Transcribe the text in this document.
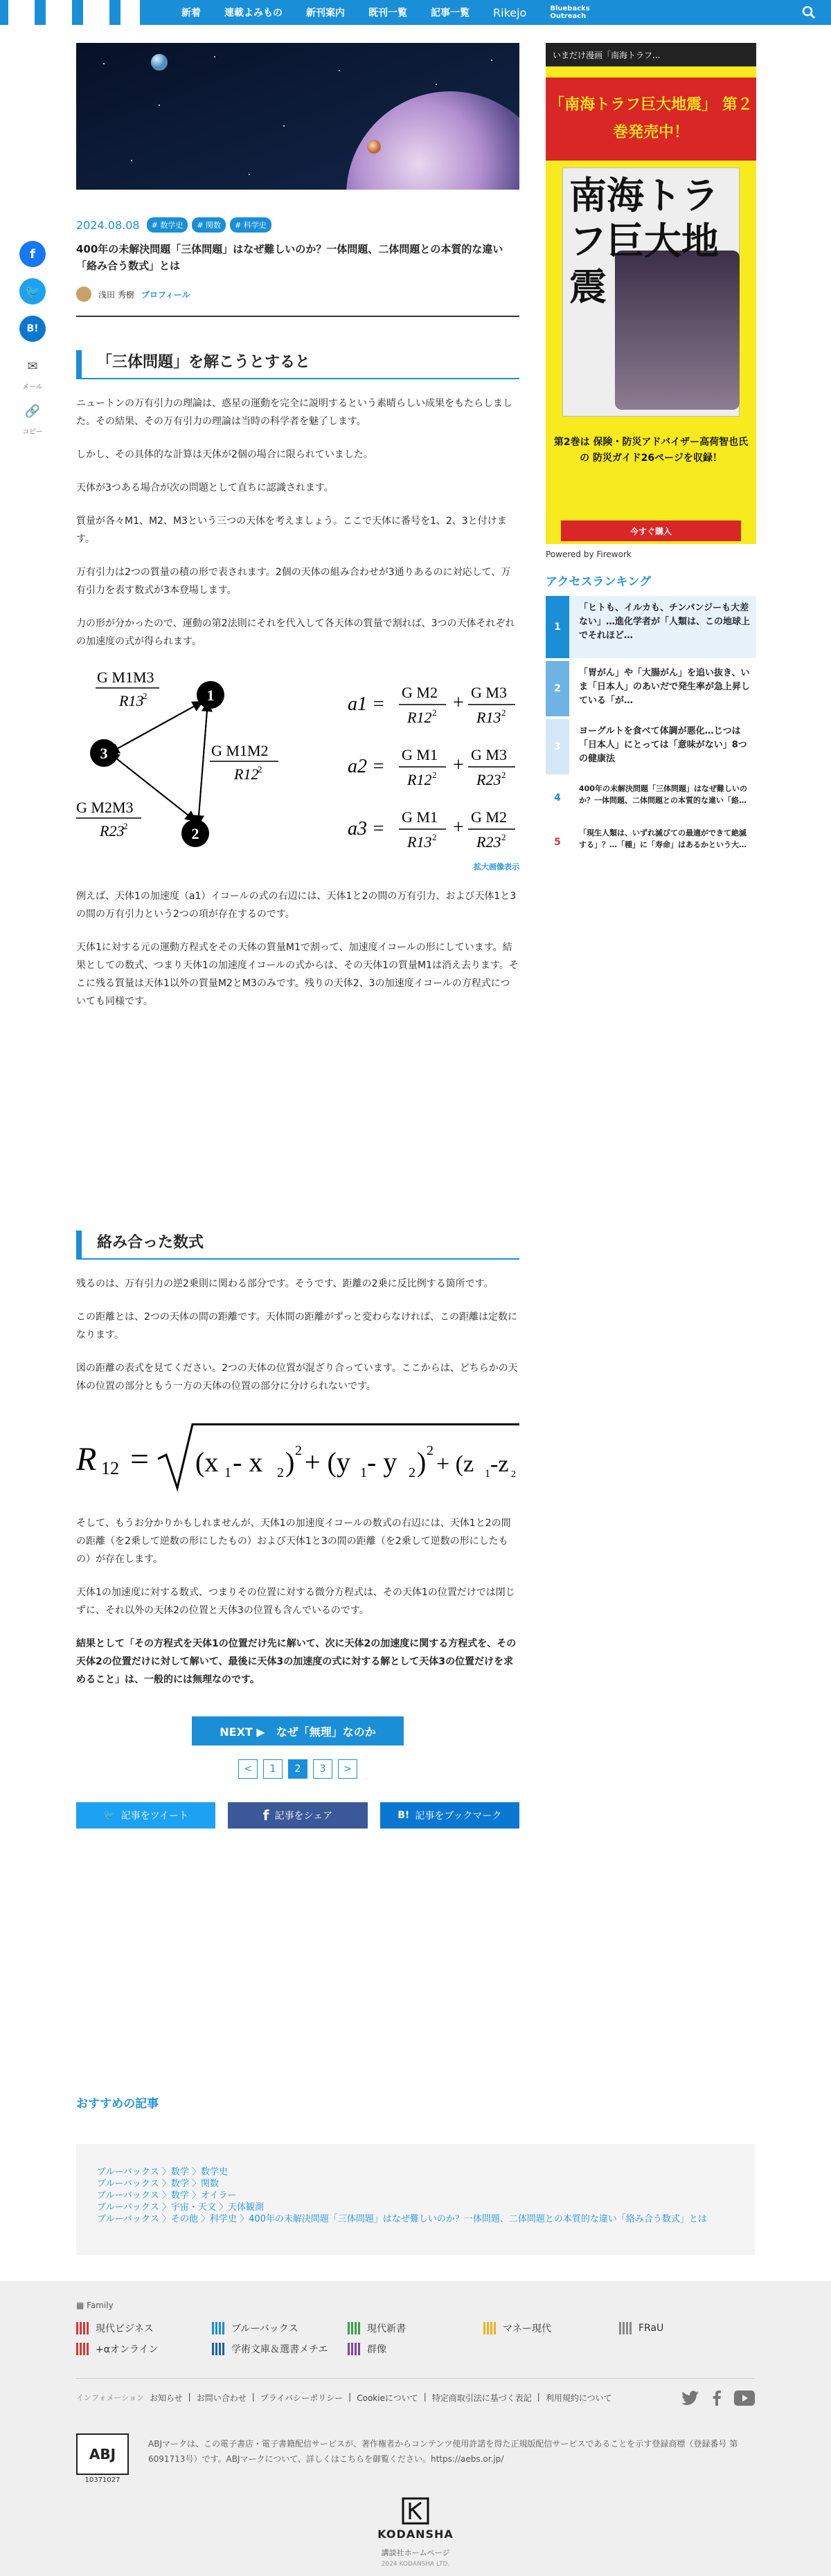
新着 連載よみもの 新刊案内 既刊一覧 記事一覧 Rikejo	Bluebacks Outreach
f
🐦
B!
✉
メール
🔗
コピー
2024.08.08	# 数学史	# 関数	# 科学史
400年の未解決問題「三体問題」はなぜ難しいのか？一体問題、二体問題との本質的な違い「絡み合う数式」とは
浅田 秀樹 プロフィール
「三体問題」を解こうとすると

ニュートンの万有引力の理論は、惑星の運動を完全に説明するという素晴らしい成果をもたらしました。その結果、その万有引力の理論は当時の科学者を魅了します。

しかし、その具体的な計算は天体が2個の場合に限られていました。

天体が3つある場合が次の問題として直ちに認識されます。

質量が各々M1、M2、M3という三つの天体を考えましょう。ここで天体に番号を1、2、3と付けます。

万有引力は2つの質量の積の形で表されます。2個の天体の組み合わせが3通りあるのに対応して、万有引力を表す数式が3本登場します。

力の形が分かったので、運動の第2法則にそれを代入して各天体の質量で割れば、3つの天体それぞれの加速度の式が得られます。

1
2
3
G M1M3
R13
2
G M1M2
R12
2
G M2M3
R23
2
a1 =
a2 =
a3 =
G M2
R12 2 + G M3
R13 2
G M1
R12 2 + G M3
R23 2
G M1
R13 2 + G M2
R23 2
拡大画像表示

例えば、天体1の加速度（a1）イコールの式の右辺には、天体1と2の間の万有引力、および天体1と3の間の万有引力という2つの項が存在するのです。

天体1に対する元の運動方程式をその天体の質量M1で割って、加速度イコールの形にしています。結果としての数式、つまり天体1の加速度イコールの式からは、その天体1の質量M1は消え去ります。そこに残る質量は天体1以外の質量M2とM3のみです。残りの天体2、3の加速度イコールの方程式についても同様です。

絡み合った数式

残るのは、万有引力の逆2乗則に関わる部分です。そうです、距離の2乗に反比例する箇所です。

この距離とは、2つの天体の間の距離です。天体間の距離がずっと変わらなければ、この距離は定数になります。

図の距離の表式を見てください。2つの天体の位置が混ざり合っています。ここからは、どちらかの天体の位置の部分ともう一方の天体の位置の部分に分けられないです。

R 12 = (x 1 - x 2 ) 2 + (y 1 - y 2 ) 2
+ (z 1 -z 2

そして、もうお分かりかもしれませんが、天体1の加速度イコールの数式の右辺には、天体1と2の間の距離（を2乗して逆数の形にしたもの）および天体1と3の間の距離（を2乗して逆数の形にしたもの）が存在します。

天体1の加速度に対する数式、つまりその位置に対する微分方程式は、その天体1の位置だけでは閉じずに、それ以外の天体2の位置と天体3の位置も含んでいるのです。

結果として「その方程式を天体1の位置だけ先に解いて、次に天体2の加速度に関する方程式を、その天体2の位置だけに対して解いて、最後に天体3の加速度の式に対する解として天体3の位置だけを求めること」は、一般的には無理なのです。

NEXT ▶　なぜ「無理」なのか
<	1	2	3	>
🐦 記事をツイート	f 記事をシェア	B! 記事をブックマーク
いまだけ漫画「南海トラフ...
「南海トラフ巨大地震」 第２巻発売中！
南海トラフ巨大地震
第2巻は 保険・防災アドバイザー高荷智也氏の 防災ガイド26ページを収録！
今すぐ購入
Powered by Firework
アクセスランキング
1
「ヒトも、イルカも、チンパンジーも大差ない」…進化学者が「人類は、この地球上でそれほど…
2
「胃がん」や「大腸がん」を追い抜き、いま「日本人」のあいだで発生率が急上昇している「が…
3
ヨーグルトを食べて体調が悪化…じつは「日本人」にとっては「意味がない」8つの健康法
4
400年の未解決問題「三体問題」はなぜ難しいのか？一体問題、二体問題との本質的な違い「絡…
5
「現生人類は、いずれ滅びての最適ができて絶滅する」？…「種」に「寿命」はあるかという大…
おすすめの記事
ブルーバックス 〉数学 〉数学史
ブルーバックス 〉数学 〉関数
ブルーバックス 〉数学 〉オイラー
ブルーバックス 〉宇宙・天文 〉天体観測
ブルーバックス 〉その他 〉科学史 〉400年の未解決問題「三体問題」はなぜ難しいのか？一体問題、二体問題との本質的な違い「絡み合う数式」とは
▦ Family
現代ビジネス	ブルーバックス	現代新書	マネー現代	FRaU
+αオンライン	学術文庫＆選書メチエ	群像
インフォメーション お知らせ | お問い合わせ | プライバシーポリシー | Cookieについて | 特定商取引法に基づく表記 | 利用規約について
ABJ
10371027
ABJマークは、この電子書店・電子書籍配信サービスが、著作権者からコンテンツ使用許諾を得た正規版配信サービスであることを示す登録商標（登録番号 第6091713号）です。ABJマークについて、詳しくはこちらを御覧ください。https://aebs.or.jp/
KODANSHA
講談社ホームページ
2024 KODANSHA LTD.
